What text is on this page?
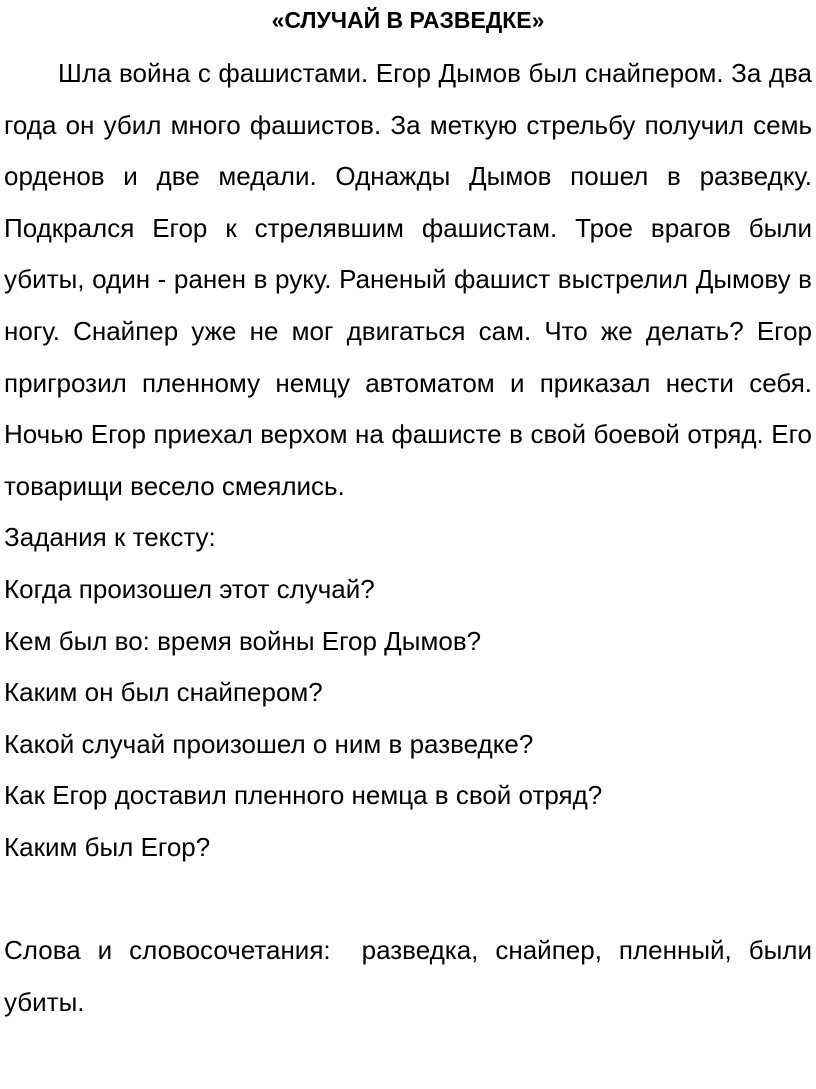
«СЛУЧАЙ В РАЗВЕДКЕ»

Шла война с фашистами. Егор Дымов был снайпером. За два года он убил много фашистов. За меткую стрельбу получил семь орденов и две медали. Однажды Дымов пошел в разведку. Подкрался Егор к стрелявшим фашистам. Трое врагов были убиты, один - ранен в руку. Раненый фашист выстрелил Дымову в ногу. Снайпер уже не мог двигаться сам. Что же делать? Егор пригрозил пленному немцу автоматом и приказал нести себя. Ночью Егор приехал верхом на фашисте в свой боевой отряд. Его товарищи весело смеялись.

Задания к тексту:
Когда произошел этот случай?
Кем был во: время войны Егор Дымов?
Каким он был снайпером?
Какой случай произошел о ним в разведке?
Как Егор доставил пленного немца в свой отряд?
Каким был Егор?

Слова и словосочетания: разведка, снайпер, пленный, были убиты.
